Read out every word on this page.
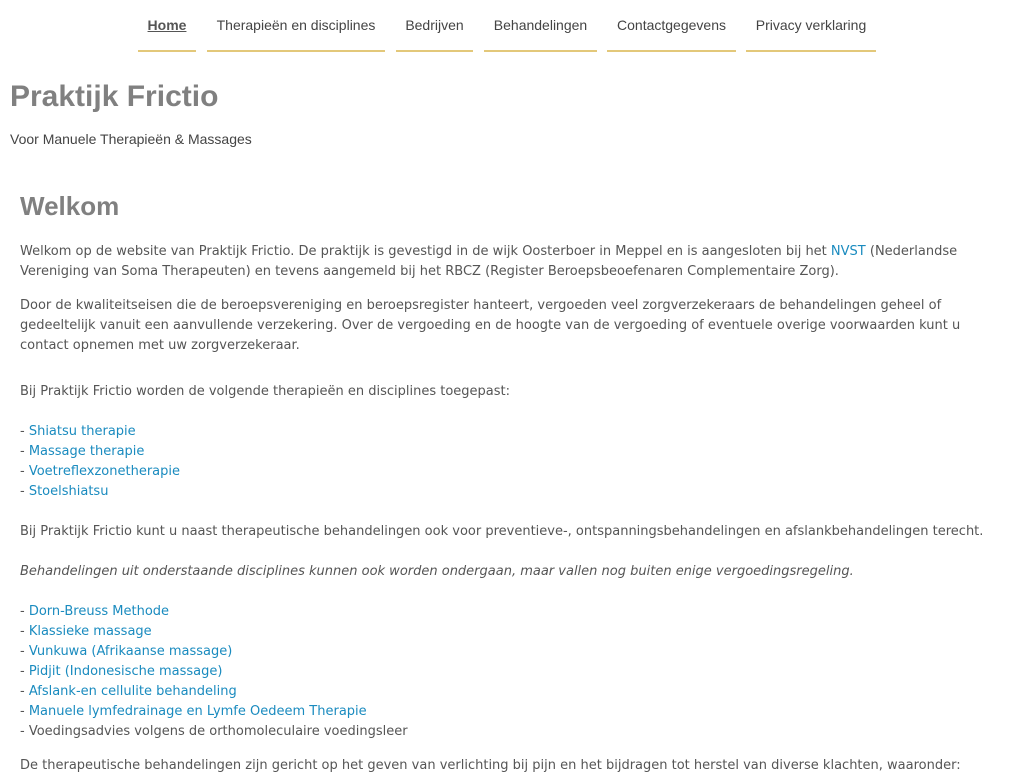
Home	Therapieën en disciplines	Bedrijven	Behandelingen	Contactgegevens	Privacy verklaring
Praktijk Frictio

Voor Manuele Therapieën & Massages

Welkom

Welkom op de website van Praktijk Frictio. De praktijk is gevestigd in de wijk Oosterboer in Meppel en is aangesloten bij het NVST (Nederlandse Vereniging van Soma Therapeuten) en tevens aangemeld bij het RBCZ (Register Beroepsbeoefenaren Complementaire Zorg).

Door de kwaliteitseisen die de beroepsvereniging en beroepsregister hanteert, vergoeden veel zorgverzekeraars de behandelingen geheel of gedeeltelijk vanuit een aanvullende verzekering. Over de vergoeding en de hoogte van de vergoeding of eventuele overige voorwaarden kunt u contact opnemen met uw zorgverzekeraar.

Bij Praktijk Frictio worden de volgende therapieën en disciplines toegepast:
- Shiatsu therapie
- Massage therapie
- Voetreflexzonetherapie
- Stoelshiatsu
Bij Praktijk Frictio kunt u naast therapeutische behandelingen ook voor preventieve-, ontspanningsbehandelingen en afslankbehandelingen terecht.
Behandelingen uit onderstaande disciplines kunnen ook worden ondergaan, maar vallen nog buiten enige vergoedingsregeling.
- Dorn-Breuss Methode
- Klassieke massage
- Vunkuwa (Afrikaanse massage)
- Pidjit (Indonesische massage)
- Afslank-en cellulite behandeling
- Manuele lymfedrainage en Lymfe Oedeem Therapie
- Voedingsadvies volgens de orthomoleculaire voedingsleer
De therapeutische behandelingen zijn gericht op het geven van verlichting bij pijn en het bijdragen tot herstel van diverse klachten, waaronder:
